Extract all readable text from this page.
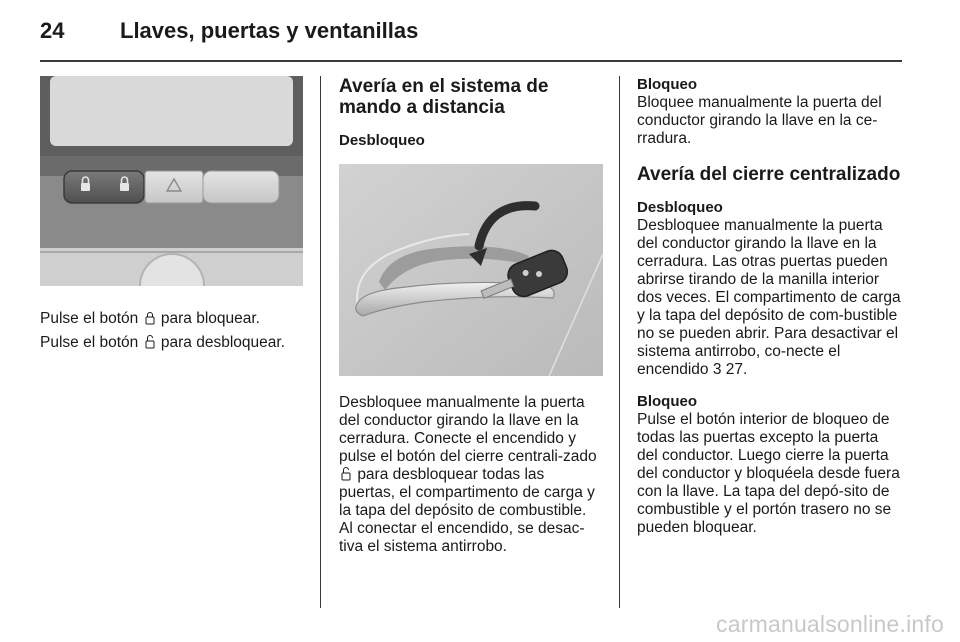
24	Llaves, puertas y ventanillas

Pulse el botón para bloquear.

Pulse el botón para desbloquear.

Avería en el sistema de mando a distancia
Desbloqueo

Desbloquee manualmente la puerta del conductor girando la llave en la cerradura. Conecte el encendido y pulse el botón del cierre centrali-zado  para desbloquear todas las puertas, el compartimento de carga y la tapa del depósito de combustible. Al conectar el encendido, se desac-tiva el sistema antirrobo.

Bloqueo

Bloquee manualmente la puerta del conductor girando la llave en la ce-rradura.

Avería del cierre centralizado
Desbloqueo

Desbloquee manualmente la puerta del conductor girando la llave en la cerradura. Las otras puertas pueden abrirse tirando de la manilla interior dos veces. El compartimento de carga y la tapa del depósito de com-bustible no se pueden abrir. Para desactivar el sistema antirrobo, co-necte el encendido 3 27.

Bloqueo

Pulse el botón interior de bloqueo de todas las puertas excepto la puerta del conductor. Luego cierre la puerta del conductor y bloquéela desde fuera con la llave. La tapa del depó-sito de combustible y el portón trasero no se pueden bloquear.

carmanualsonline.info
